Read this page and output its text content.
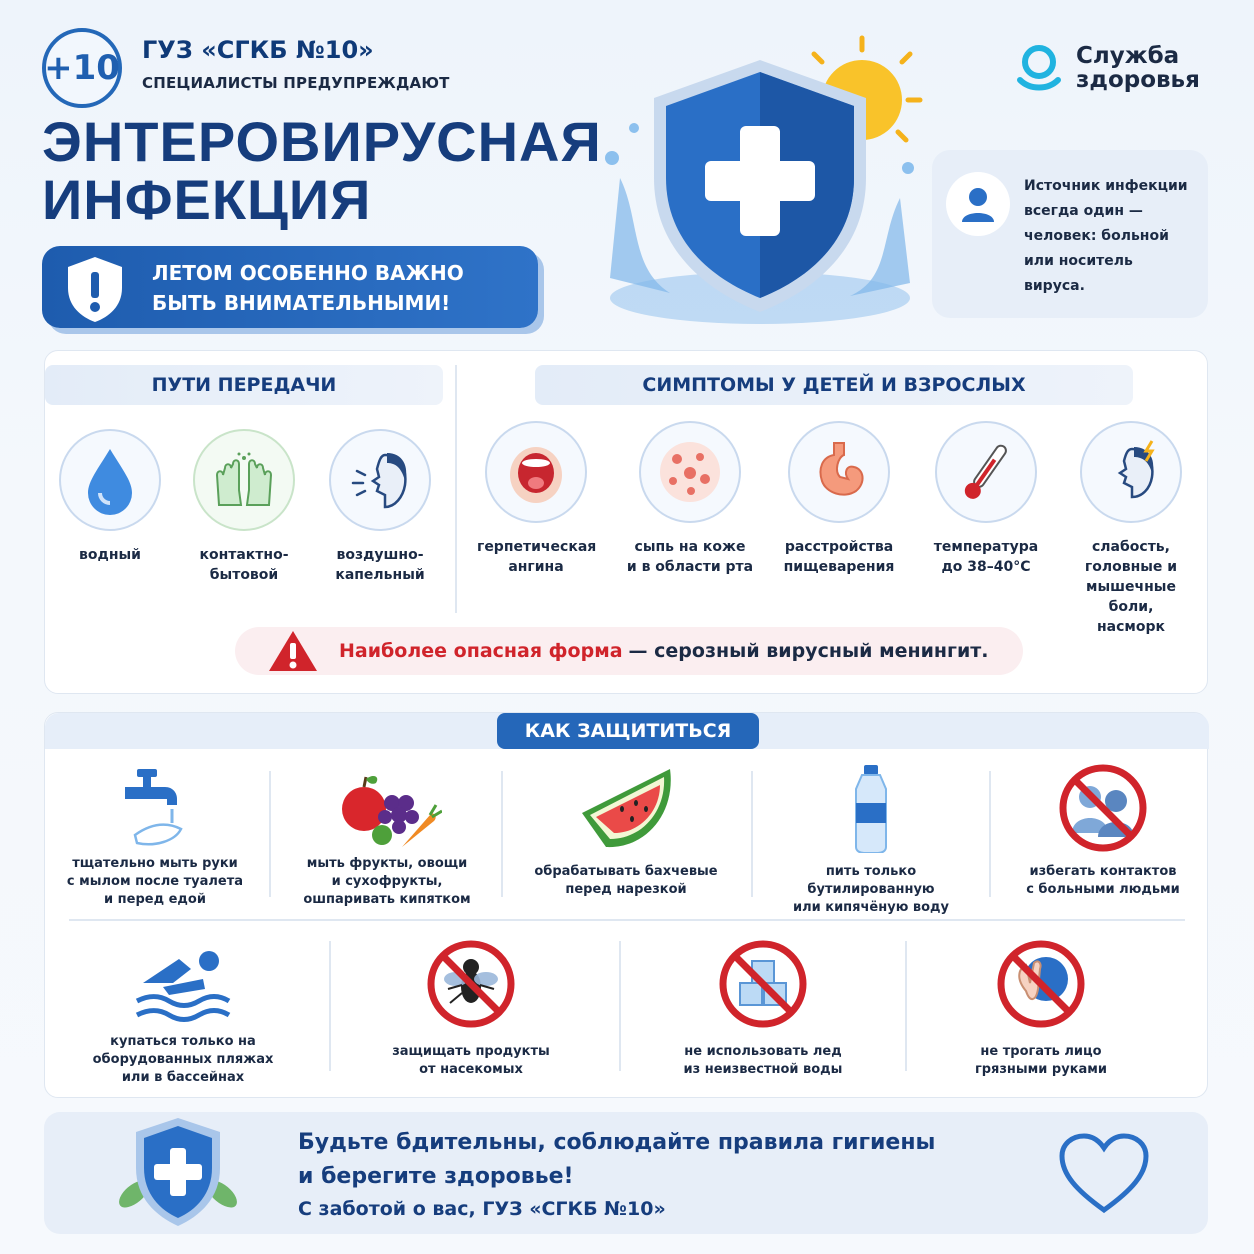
+10 ГУЗ «СГКБ №10»
СПЕЦИАЛИСТЫ ПРЕДУПРЕЖДАЮТ
ЭНТЕРОВИРУСНАЯ
ИНФЕКЦИЯ
ЛЕТОМ ОСОБЕННО ВАЖНО
БЫТЬ ВНИМАТЕЛЬНЫМИ!
Служба
здоровья
Источник инфекции
всегда один —
человек: больной
или носитель
вируса.
ПУТИ ПЕРЕДАЧИ	СИМПТОМЫ У ДЕТЕЙ И ВЗРОСЛЫХ
водный	контактно-
бытовой
воздушно-
капельный
герпетическая
ангина
сыпь на коже
и в области рта
расстройства
пищеварения
температура
до 38–40°C
слабость,
головные и
мышечные боли,
насморк
Наиболее опасная форма — серозный вирусный менингит.
КАК ЗАЩИТИТЬСЯ
тщательно мыть руки
с мылом после туалета
и перед едой
мыть фрукты, овощи
и сухофрукты,
ошпаривать кипятком
обрабатывать бахчевые
перед нарезкой
пить только бутилированную
или кипячёную воду
избегать контактов
с больными людьми
купаться только на
оборудованных пляжах
или в бассейнах
защищать продукты
от насекомых
не использовать лед
из неизвестной воды
не трогать лицо
грязными руками
Будьте бдительны, соблюдайте правила гигиены
и берегите здоровье!
С заботой о вас, ГУЗ «СГКБ №10»
